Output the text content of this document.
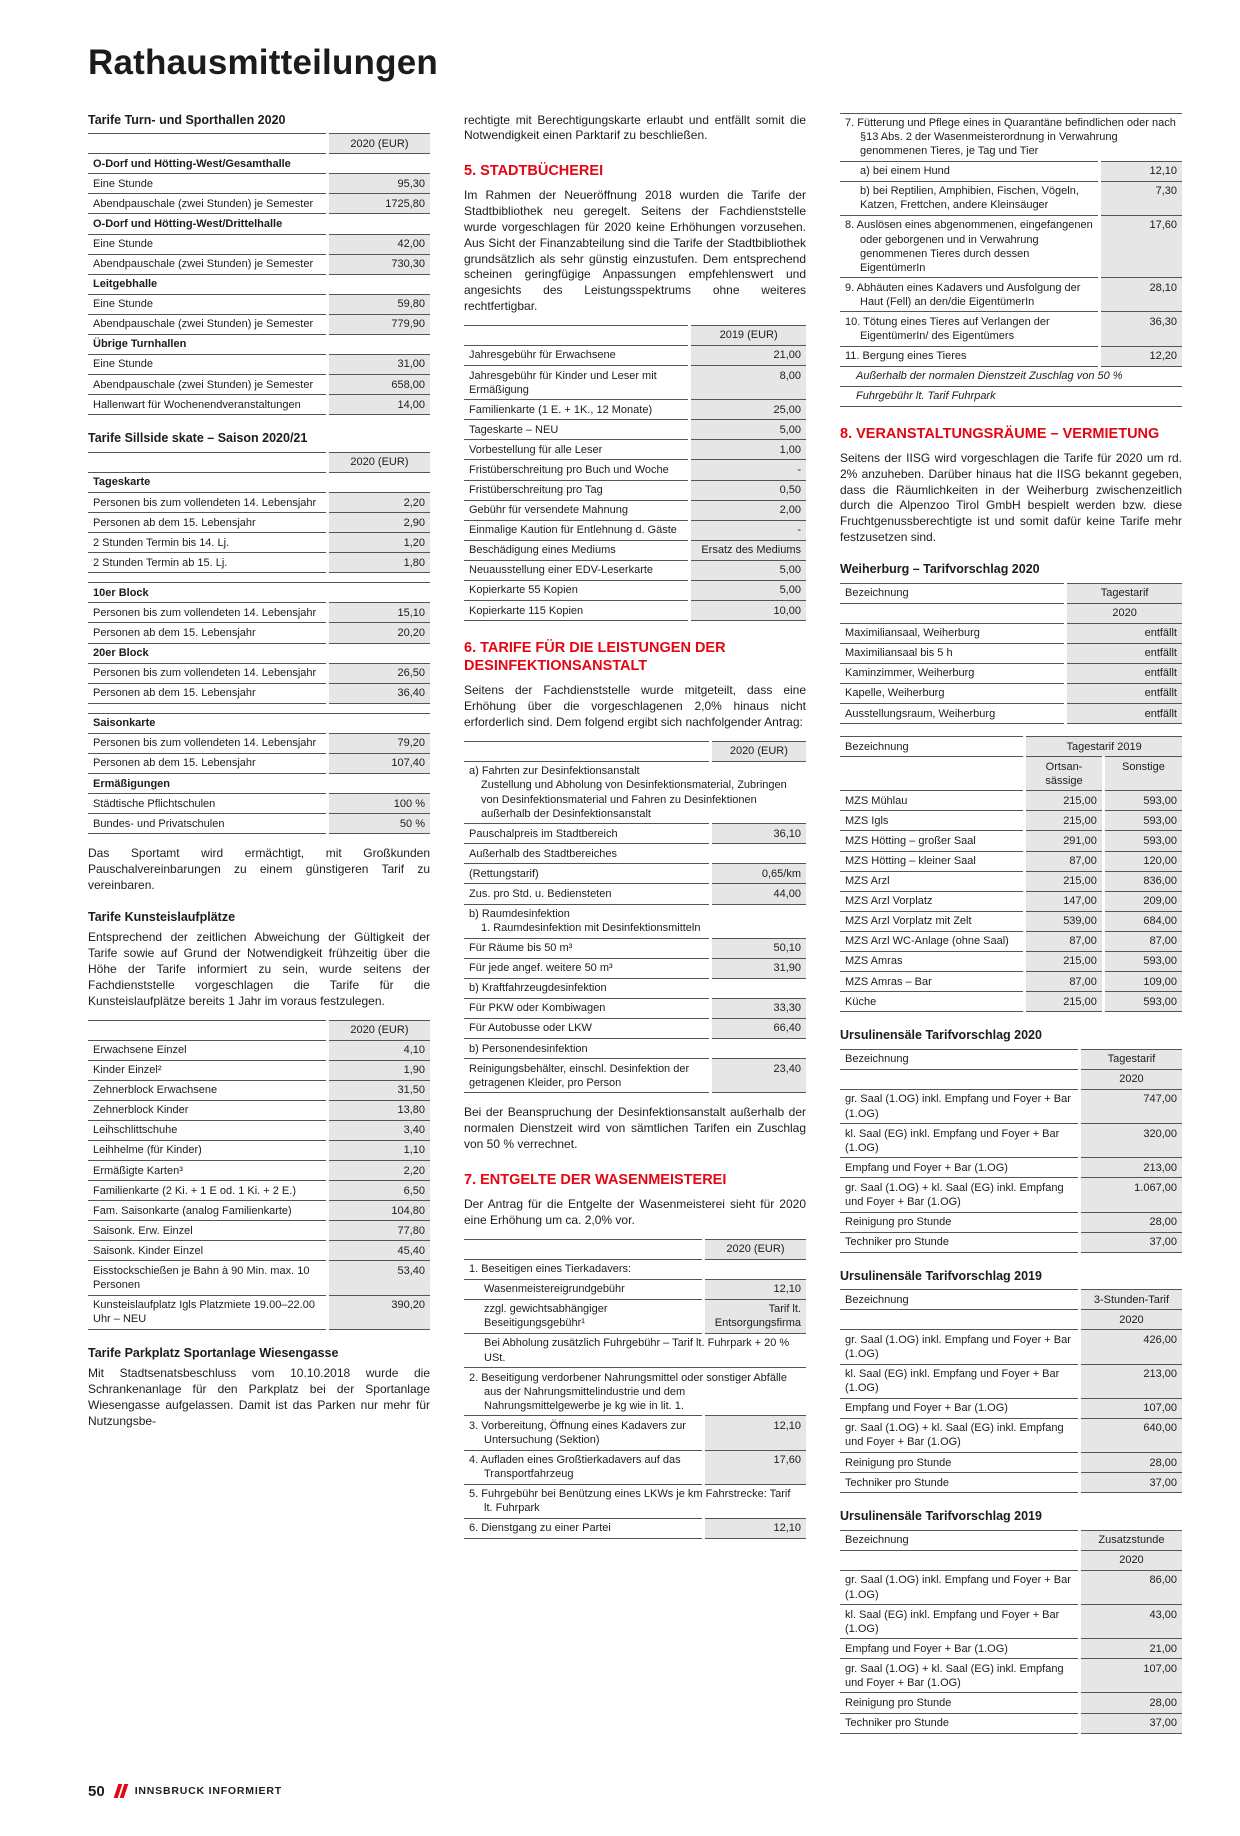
Rathausmitteilungen
Tarife Turn- und Sporthallen 2020
	2020 (EUR)
O-Dorf und Hötting-West/Gesamthalle	
Eine Stunde	95,30
Abendpauschale (zwei Stunden) je Semester	1725,80
O-Dorf und Hötting-West/Drittelhalle	
Eine Stunde	42,00
Abendpauschale (zwei Stunden) je Semester	730,30
Leitgebhalle	
Eine Stunde	59,80
Abendpauschale (zwei Stunden) je Semester	779,90
Übrige Turnhallen	
Eine Stunde	31,00
Abendpauschale (zwei Stunden) je Semester	658,00
Hallenwart für Wochenendveranstaltungen	14,00
Tarife Sillside skate – Saison 2020/21
	2020 (EUR)
Tageskarte	
Personen bis zum vollendeten 14. Lebensjahr	2,20
Personen ab dem 15. Lebensjahr	2,90
2 Stunden Termin bis 14. Lj.	1,20
2 Stunden Termin ab 15. Lj.	1,80

10er Block	
Personen bis zum vollendeten 14. Lebensjahr	15,10
Personen ab dem 15. Lebensjahr	20,20
20er Block	
Personen bis zum vollendeten 14. Lebensjahr	26,50
Personen ab dem 15. Lebensjahr	36,40

Saisonkarte	
Personen bis zum vollendeten 14. Lebensjahr	79,20
Personen ab dem 15. Lebensjahr	107,40
Ermäßigungen	
Städtische Pflichtschulen	100 %
Bundes- und Privatschulen	50 %
Das Sportamt wird ermächtigt, mit Großkunden Pauschalvereinbarungen zu einem günstigeren Tarif zu vereinbaren.
Tarife Kunsteislaufplätze
Entsprechend der zeitlichen Abweichung der Gültigkeit der Tarife sowie auf Grund der Notwendigkeit frühzeitig über die Höhe der Tarife informiert zu sein, wurde seitens der Fachdienststelle vorgeschlagen die Tarife für die Kunsteislaufplätze bereits 1 Jahr im voraus festzulegen.
	2020 (EUR)
Erwachsene Einzel	4,10
Kinder Einzel²	1,90
Zehnerblock Erwachsene	31,50
Zehnerblock Kinder	13,80
Leihschlittschuhe	3,40
Leihhelme (für Kinder)	1,10
Ermäßigte Karten³	2,20
Familienkarte (2 Ki. + 1 E od. 1 Ki. + 2 E.)	6,50
Fam. Saisonkarte (analog Familienkarte)	104,80
Saisonk. Erw. Einzel	77,80
Saisonk. Kinder Einzel	45,40
Eisstockschießen je Bahn à 90 Min. max. 10 Personen	53,40
Kunsteislaufplatz Igls Platzmiete 19.00–22.00 Uhr – NEU	390,20
Tarife Parkplatz Sportanlage Wiesengasse
Mit Stadtsenatsbeschluss vom 10.10.2018 wurde die Schrankenanlage für den Parkplatz bei der Sportanlage Wiesengasse aufgelassen. Damit ist das Parken nur mehr für Nutzungsbe-
rechtigte mit Berechtigungskarte erlaubt und entfällt somit die Notwendigkeit einen Parktarif zu beschließen.
5. STADTBÜCHEREI
Im Rahmen der Neueröffnung 2018 wurden die Tarife der Stadtbibliothek neu geregelt. Seitens der Fachdienststelle wurde vorgeschlagen für 2020 keine Erhöhungen vorzusehen. Aus Sicht der Finanzabteilung sind die Tarife der Stadtbibliothek grundsätzlich als sehr günstig einzustufen. Dem entsprechend scheinen geringfügige Anpassungen empfehlenswert und angesichts des Leistungsspektrums ohne weiteres rechtfertigbar.
	2019 (EUR)
Jahresgebühr für Erwachsene	21,00
Jahresgebühr für Kinder und Leser mit Ermäßigung	8,00
Familienkarte (1 E. + 1K., 12 Monate)	25,00
Tageskarte – NEU	5,00
Vorbestellung für alle Leser	1,00
Fristüberschreitung pro Buch und Woche	-
Fristüberschreitung pro Tag	0,50
Gebühr für versendete Mahnung	2,00
Einmalige Kaution für Entlehnung d. Gäste	-
Beschädigung eines Mediums	Ersatz des Mediums
Neuausstellung einer EDV-Leserkarte	5,00
Kopierkarte 55 Kopien	5,00
Kopierkarte 115 Kopien	10,00
6. TARIFE FÜR DIE LEISTUNGEN DER DESINFEKTIONSANSTALT
Seitens der Fachdienststelle wurde mitgeteilt, dass eine Erhöhung über die vorgeschlagenen 2,0% hinaus nicht erforderlich sind. Dem folgend ergibt sich nachfolgender Antrag:
	2020 (EUR)

a) Fahrten zur Desinfektionsanstalt
Zustellung und Abholung von Desinfektionsmaterial, Zubringen von Desinfektionsmaterial und Fahren zu Desinfektionen außerhalb der Desinfektionsanstalt	

Pauschalpreis im Stadtbereich	36,10

Außerhalb des Stadtbereiches	

(Rettungstarif)	0,65/km
Zus. pro Std. u. Bediensteten	44,00

b) Raumdesinfektion
1. Raumdesinfektion mit Desinfektionsmitteln	

Für Räume bis 50 m³	50,10
Für jede angef. weitere 50 m³	31,90

b) Kraftfahrzeugdesinfektion	

Für PKW oder Kombiwagen	33,30
Für Autobusse oder LKW	66,40

b) Personendesinfektion	

Reinigungsbehälter, einschl. Desinfektion der getragenen Kleider, pro Person	23,40
Bei der Beanspruchung der Desinfektionsanstalt außerhalb der normalen Dienstzeit wird von sämtlichen Tarifen ein Zuschlag von 50 % verrechnet.
7. ENTGELTE DER WASENMEISTEREI
Der Antrag für die Entgelte der Wasenmeisterei sieht für 2020 eine Erhöhung um ca. 2,0% vor.
	2020 (EUR)

1. Beseitigen eines Tierkadavers:	

Wasenmeistereigrundgebühr	12,10
zzgl. gewichtsabhängiger Beseitigungsgebühr¹	Tarif lt. Entsorgungsfirma

Bei Abholung zusätzlich Fuhrgebühr – Tarif lt. Fuhrpark + 20 % USt.	

2. Beseitigung verdorbener Nahrungsmittel oder sonstiger Abfälle aus der Nahrungsmittelindustrie und dem Nahrungsmittelgewerbe je kg wie in lit. 1.	

3. Vorbereitung, Öffnung eines Kadavers zur Untersuchung (Sektion)	12,10
4. Aufladen eines Großtierkadavers auf das Transportfahrzeug	17,60

5. Fuhrgebühr bei Benützung eines LKWs je km Fahrstrecke: Tarif lt. Fuhrpark	

6. Dienstgang zu einer Partei	12,10
7. Fütterung und Pflege eines in Quarantäne befindlichen oder nach §13 Abs. 2 der Wasenmeisterordnung in Verwahrung genommenen Tieres, je Tag und Tier	

a) bei einem Hund	12,10
b) bei Reptilien, Amphibien, Fischen, Vögeln, Katzen, Frettchen, andere Kleinsäuger	7,30
8. Auslösen eines abgenommenen, eingefangenen oder geborgenen und in Verwahrung genommenen Tieres durch dessen EigentümerIn	17,60
9. Abhäuten eines Kadavers und Ausfolgung der Haut (Fell) an den/die EigentümerIn	28,10
10. Tötung eines Tieres auf Verlangen der EigentümerIn/ des Eigentümers	36,30
11. Bergung eines Tieres	12,20
Außerhalb der normalen Dienstzeit Zuschlag von 50 %	
Fuhrgebühr lt. Tarif Fuhrpark	
8. VERANSTALTUNGSRÄUME – VERMIETUNG
Seitens der IISG wird vorgeschlagen die Tarife für 2020 um rd. 2% anzuheben. Darüber hinaus hat die IISG bekannt gegeben, dass die Räumlichkeiten in der Weiherburg zwischenzeitlich durch die Alpenzoo Tirol GmbH bespielt werden bzw. diese Fruchtgenussberechtigte ist und somit dafür keine Tarife mehr festzusetzen sind.
Weiherburg – Tarifvorschlag 2020
Bezeichnung	Tagestarif
	2020
Maximiliansaal, Weiherburg	entfällt
Maximiliansaal bis 5 h	entfällt
Kaminzimmer, Weiherburg	entfällt
Kapelle, Weiherburg	entfällt
Ausstellungsraum, Weiherburg	entfällt
Bezeichnung	Tagestarif 2019	
	Ortsan-sässige	Sonstige
MZS Mühlau	215,00	593,00
MZS Igls	215,00	593,00
MZS Hötting – großer Saal	291,00	593,00
MZS Hötting – kleiner Saal	87,00	120,00
MZS Arzl	215,00	836,00
MZS Arzl Vorplatz	147,00	209,00
MZS Arzl Vorplatz mit Zelt	539,00	684,00
MZS Arzl WC-Anlage (ohne Saal)	87,00	87,00
MZS Amras	215,00	593,00
MZS Amras – Bar	87,00	109,00
Küche	215,00	593,00
Ursulinensäle Tarifvorschlag 2020
Bezeichnung	Tagestarif
	2020
gr. Saal (1.OG) inkl. Empfang und Foyer + Bar (1.OG)	747,00
kl. Saal (EG) inkl. Empfang und Foyer + Bar (1.OG)	320,00
Empfang und Foyer + Bar (1.OG)	213,00
gr. Saal (1.OG) + kl. Saal (EG) inkl. Empfang und Foyer + Bar (1.OG)	1.067,00
Reinigung pro Stunde	28,00
Techniker pro Stunde	37,00
Ursulinensäle Tarifvorschlag 2019
Bezeichnung	3-Stunden-Tarif
	2020
gr. Saal (1.OG) inkl. Empfang und Foyer + Bar (1.OG)	426,00
kl. Saal (EG) inkl. Empfang und Foyer + Bar (1.OG)	213,00
Empfang und Foyer + Bar (1.OG)	107,00
gr. Saal (1.OG) + kl. Saal (EG) inkl. Empfang und Foyer + Bar (1.OG)	640,00
Reinigung pro Stunde	28,00
Techniker pro Stunde	37,00
Ursulinensäle Tarifvorschlag 2019
Bezeichnung	Zusatzstunde
	2020
gr. Saal (1.OG) inkl. Empfang und Foyer + Bar (1.OG)	86,00
kl. Saal (EG) inkl. Empfang und Foyer + Bar (1.OG)	43,00
Empfang und Foyer + Bar (1.OG)	21,00
gr. Saal (1.OG) + kl. Saal (EG) inkl. Empfang und Foyer + Bar (1.OG)	107,00
Reinigung pro Stunde	28,00
Techniker pro Stunde	37,00
50	INNSBRUCK INFORMIERT
